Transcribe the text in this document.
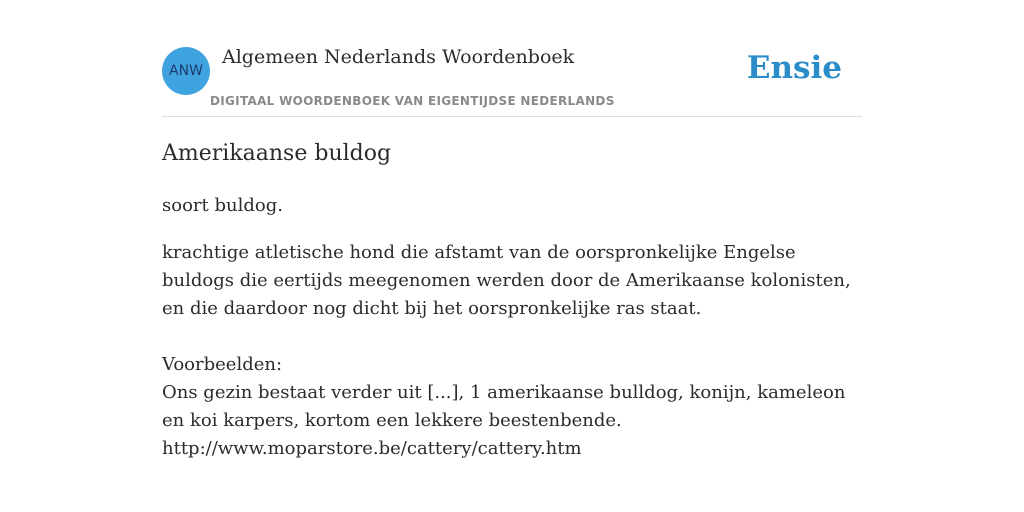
ANW
Algemeen Nederlands Woordenboek
DIGITAAL WOORDENBOEK VAN EIGENTIJDSE NEDERLANDS
Ensie
Amerikaanse buldog

soort buldog.

krachtige atletische hond die afstamt van de oorspronkelijke Engelse buldogs die eertijds meegenomen werden door de Amerikaanse kolonisten, en die daardoor nog dicht bij het oorspronkelijke ras staat.

Voorbeelden:

Ons gezin bestaat verder uit [...], 1 amerikaanse bulldog, konijn, kameleon en koi karpers, kortom een lekkere beestenbende.

http://www.moparstore.be/cattery/cattery.htm
